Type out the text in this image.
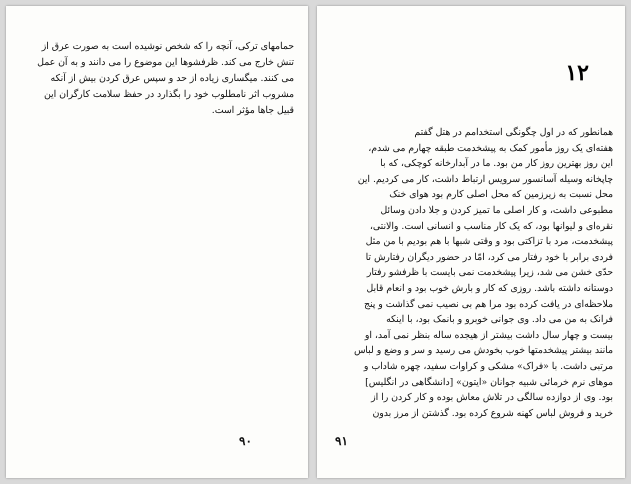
حمامهای ترکی، آنچه را که شخص نوشیده است به صورت عرق از
تنش خارج می کند. ظرفشوها این موضوع را می دانند و به آن عمل
می کنند. میگساری زیاده از حد و سپس عرق کردن بیش از آنکه
مشروب اثر نامطلوب خود را بگذارد در حفظ سلامت کارگران این
قبیل جاها مؤثر است.
۹۰
۱۲
همانطور که در اول چگونگی استخدامم در هتل گفتم
هفته‌ای یک روز مأمور کمک به پیشخدمت طبقه چهارم می شدم،
این روز بهترین روز کار من بود. ما در آبدارخانه کوچکی، که با
چاپخانه وسیله آسانسور سرویس ارتباط داشت، کار می کردیم. این
محل نسبت به زیرزمین که محل اصلی کارم بود هوای خنک
مطبوعی داشت، و کار اصلی ما تمیز کردن و جلا دادن وسائل
نقره‌ای و لیوانها بود، که یک کار مناسب و انسانی است. والانتی،
پیشخدمت، مرد با تزاکتی بود و وقتی شبها با هم بودیم با من مثل
فردی برابر با خود رفتار می کرد، امّا در حضور دیگران رفتارش تا
حدّی خشن می شد، زیرا پیشخدمت نمی بایست با ظرفشو رفتار
دوستانه داشته باشد. روزی که کار و بارش خوب بود و انعام قابل
ملاحظه‌ای در یافت کرده بود مرا هم بی نصیب نمی گذاشت و پنج
فرانک به من می داد. وی جوانی خوبرو و بانمک بود، با اینکه
بیست و چهار سال داشت بیشتر از هیجده ساله بنظر نمی آمد، او
مانند بیشتر پیشخدمتها خوب بخودش می رسید و سر و وضع و لباس
مرتبی داشت. با «فراک» مشکی و کراوات سفید، چهره شاداب و
موهای نرم خرمائی شبیه جوانان «ایتون» [دانشگاهی در انگلیس]
بود. وی از دوازده سالگی در تلاش معاش بوده و کار کردن را از
خرید و فروش لباس کهنه شروع کرده بود. گذشتن از مرز بدون
۹۱
